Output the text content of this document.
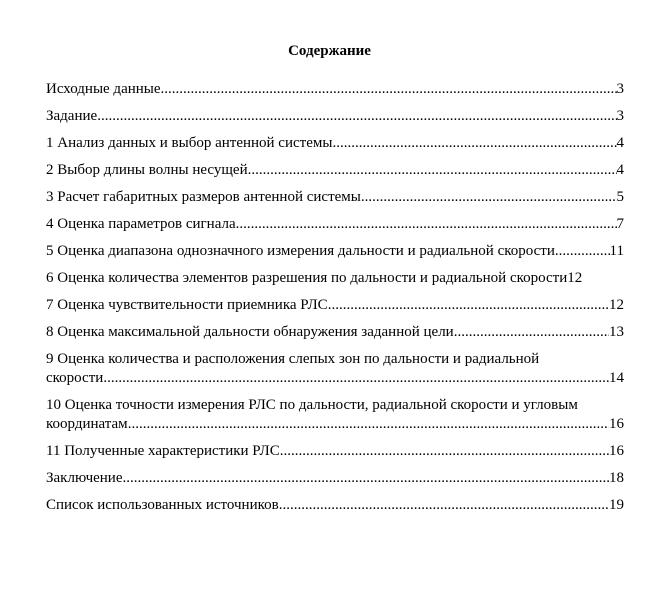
Содержание
Исходные данные .....	3
Задание .....	3
1 Анализ данных и выбор антенной системы .....	4
2 Выбор длины волны несущей .....	4
3 Расчет габаритных размеров антенной системы .....	5
4 Оценка параметров сигнала .....	7
5 Оценка диапазона однозначного измерения дальности и радиальной скорости .....	11
6 Оценка количества элементов разрешения по дальности и радиальной скорости 12
7 Оценка чувствительности приемника РЛС .....	12
8 Оценка максимальной дальности обнаружения заданной цели .....	13
9 Оценка количества и расположения слепых зон по дальности и радиальной
скорости .....	14
10 Оценка точности измерения РЛС по дальности, радиальной скорости и угловым
координатам .....	16
11 Полученные характеристики РЛС .....	16
Заключение .....	18
Список использованных источников .....	19
